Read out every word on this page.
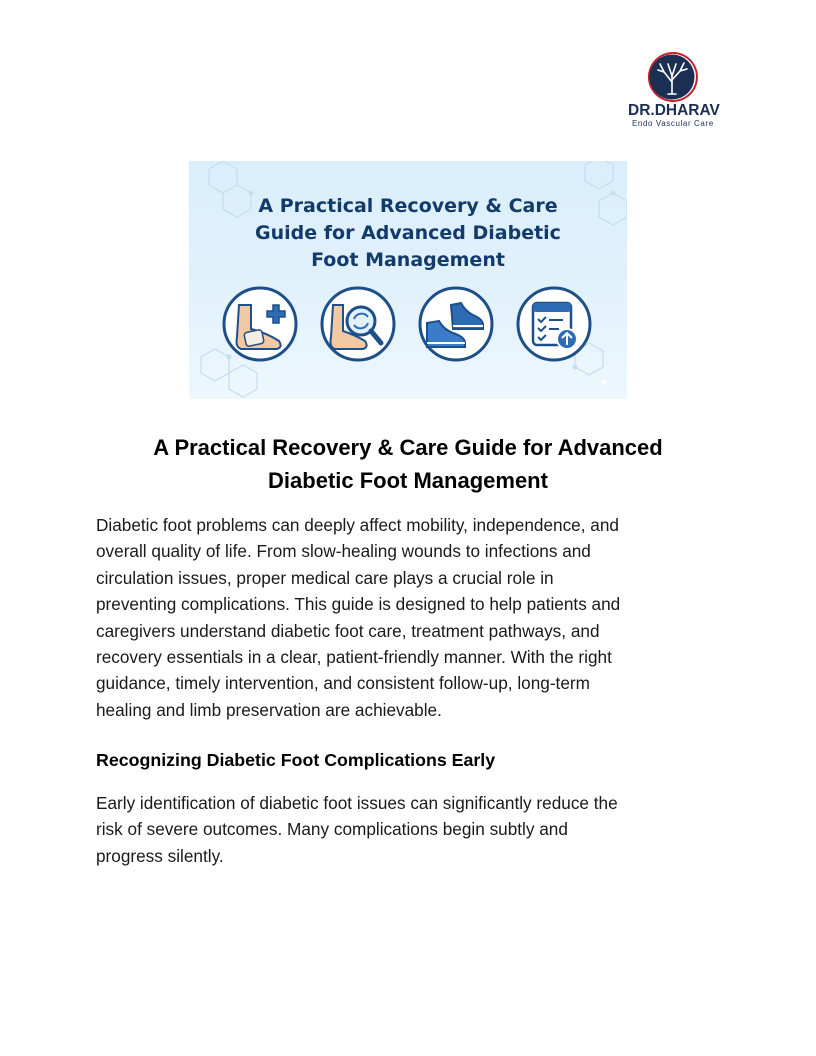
DR.DHARAV
Endo Vascular Care
A Practical Recovery & Care
Guide for Advanced Diabetic
Foot Management
✦
A Practical Recovery & Care Guide for Advanced
Diabetic Foot Management
Diabetic foot problems can deeply affect mobility, independence, and
overall quality of life. From slow-healing wounds to infections and
circulation issues, proper medical care plays a crucial role in
preventing complications. This guide is designed to help patients and
caregivers understand diabetic foot care, treatment pathways, and
recovery essentials in a clear, patient-friendly manner. With the right
guidance, timely intervention, and consistent follow-up, long-term
healing and limb preservation are achievable.
Recognizing Diabetic Foot Complications Early
Early identification of diabetic foot issues can significantly reduce the
risk of severe outcomes. Many complications begin subtly and
progress silently.
